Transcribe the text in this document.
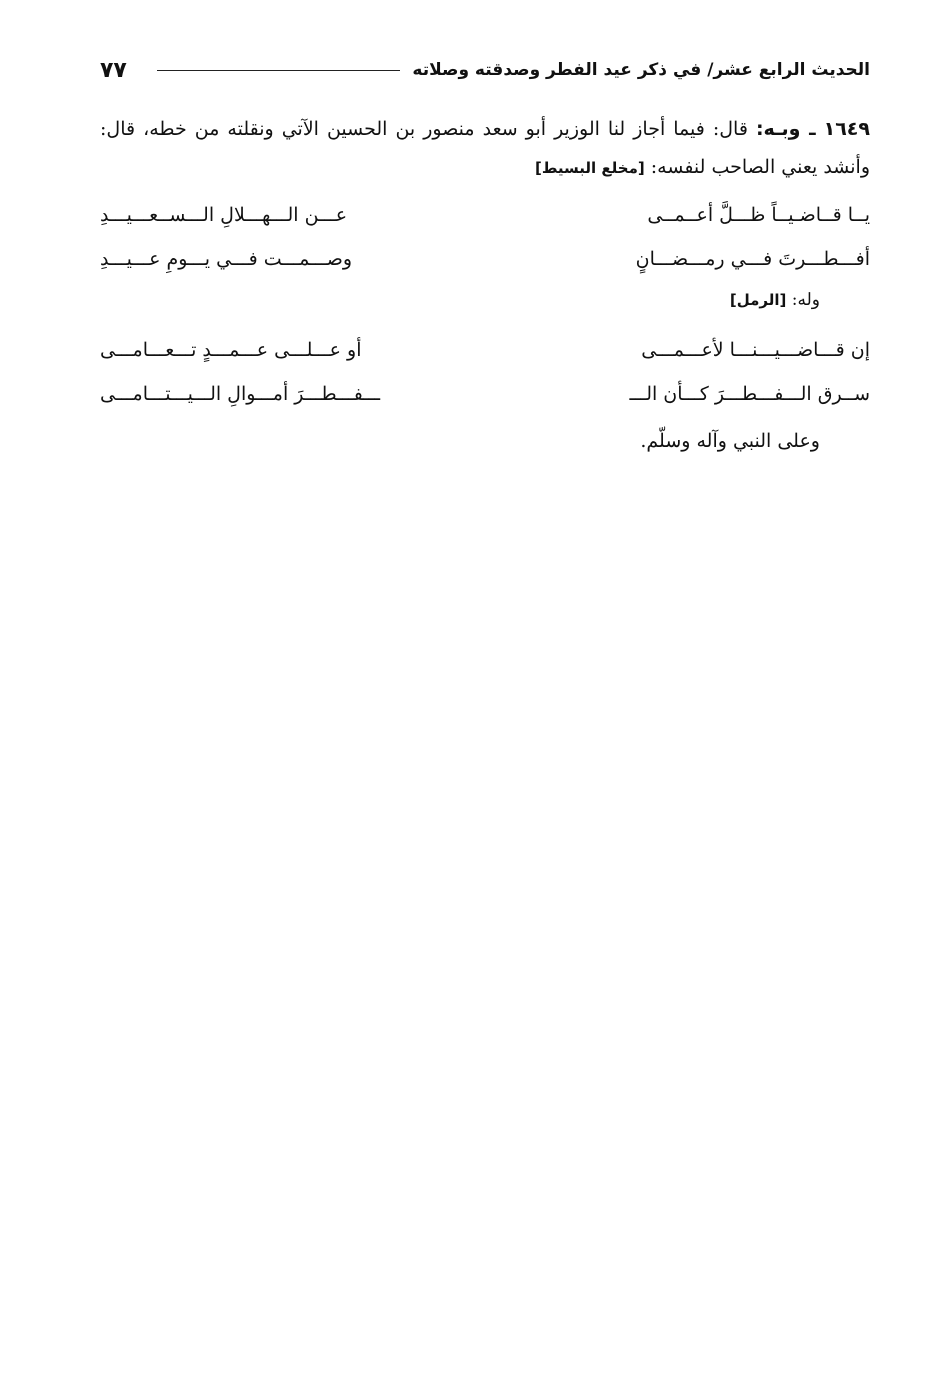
الحديث الرابع عشر/ في ذكر عيد الفطر وصدقته وصلاته
٧٧
١٦٤٩ ـ وبـه: قال: فيما أجاز لنا الوزير أبو سعد منصور بن الحسين الآتي ونقلته من خطه، قال: وأنشد يعني الصاحب لنفسه: [مخلع البسيط]
يــا قــاضـيــاً ظـــلَّ أعــمــى
عـــن الـــهـــلالِ الـــســعـــيـــدِ
أفـــطـــرتَ فـــي رمـــضـــانٍ
وصـــمـــت فـــي يـــومِ عـــيـــدِ
وله: [الرمل]
إن قـــاضـــيـــنـــا لأعـــمـــى
أو عـــلـــى عـــمـــدٍ تـــعـــامـــى
ســرق الـــفـــطـــرَ كـــأن الـــ
ـــفـــطـــرَ أمـــوالِ الـــيـــتـــامـــى
وعلى النبي وآله وسلّم.
